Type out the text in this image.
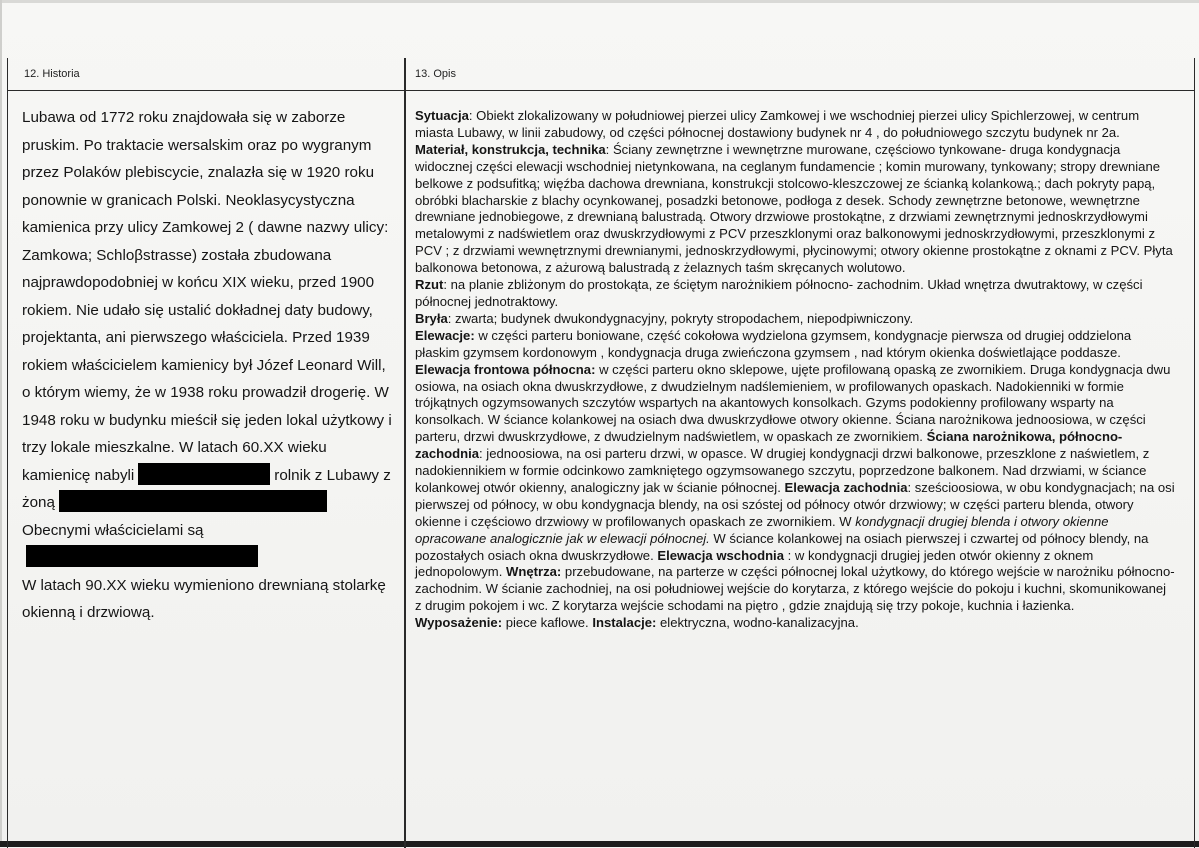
12. Historia	13. Opis

Lubawa od 1772 roku znajdowała się w zaborze pruskim. Po traktacie wersalskim oraz po wygranym przez Polaków plebiscycie, znalazła się w 1920 roku ponownie w granicach Polski. Neoklasycystyczna kamienica przy ulicy Zamkowej 2 ( dawne nazwy ulicy: Zamkowa; Schloβstrasse) została zbudowana najprawdopodobniej w końcu XIX wieku, przed 1900 rokiem. Nie udało się ustalić dokładnej daty budowy, projektanta, ani pierwszego właściciela. Przed 1939 rokiem właścicielem kamienicy był Józef Leonard Will, o którym wiemy, że w 1938 roku prowadził drogerię. W 1948 roku w budynku mieścił się jeden lokal użytkowy i trzy lokale mieszkalne. W latach 60.XX wieku kamienicę nabyli	rolnik z Lubawy z żoną Obecnymi właścicielami są

W latach 90.XX wieku wymieniono drewnianą stolarkę okienną i drzwiową.

Sytuacja: Obiekt zlokalizowany w południowej pierzei ulicy Zamkowej i we wschodniej pierzei ulicy Spichlerzowej, w centrum miasta Lubawy, w linii zabudowy, od części północnej dostawiony budynek nr 4 , do południowego szczytu budynek nr 2a.

Materiał, konstrukcja, technika: Ściany zewnętrzne i wewnętrzne murowane, częściowo tynkowane- druga kondygnacja widocznej części elewacji wschodniej nietynkowana, na ceglanym fundamencie ; komin murowany, tynkowany; stropy drewniane belkowe z podsufitką; więźba dachowa drewniana, konstrukcji stolcowo-kleszczowej ze ścianką kolankową.; dach pokryty papą, obróbki blacharskie z blachy ocynkowanej, posadzki betonowe, podłoga z desek. Schody zewnętrzne betonowe, wewnętrzne drewniane jednobiegowe, z drewnianą balustradą. Otwory drzwiowe prostokątne, z drzwiami zewnętrznymi jednoskrzydłowymi metalowymi z nadświetlem oraz dwuskrzydłowymi z PCV przeszklonymi oraz balkonowymi jednoskrzydłowymi, przeszklonymi z PCV ; z drzwiami wewnętrznymi drewnianymi, jednoskrzydłowymi, płycinowymi; otwory okienne prostokątne z oknami z PCV. Płyta balkonowa betonowa, z ażurową balustradą z żelaznych taśm skręcanych wolutowo.

Rzut: na planie zbliżonym do prostokąta, ze ściętym narożnikiem północno- zachodnim. Układ wnętrza dwutraktowy, w części północnej jednotraktowy.

Bryła: zwarta; budynek dwukondygnacyjny, pokryty stropodachem, niepodpiwniczony.

Elewacje: w części parteru boniowane, część cokołowa wydzielona gzymsem, kondygnacje pierwsza od drugiej oddzielona płaskim gzymsem kordonowym , kondygnacja druga zwieńczona gzymsem , nad którym okienka doświetlające poddasze.

Elewacja frontowa północna: w części parteru okno sklepowe, ujęte profilowaną opaską ze zwornikiem. Druga kondygnacja dwu osiowa, na osiach okna dwuskrzydłowe, z dwudzielnym nadślemieniem, w profilowanych opaskach. Nadokienniki w formie trójkątnych ogzymsowanych szczytów wspartych na akantowych konsolkach. Gzyms podokienny profilowany wsparty na konsolkach. W ściance kolankowej na osiach dwa dwuskrzydłowe otwory okienne. Ściana narożnikowa jednoosiowa, w części parteru, drzwi dwuskrzydłowe, z dwudzielnym nadświetlem, w opaskach ze zwornikiem. Ściana narożnikowa, północno- zachodnia: jednoosiowa, na osi parteru drzwi, w opasce. W drugiej kondygnacji drzwi balkonowe, przeszklone z naświetlem, z nadokiennikiem w formie odcinkowo zamkniętego ogzymsowanego szczytu, poprzedzone balkonem. Nad drzwiami, w ściance kolankowej otwór okienny, analogiczny jak w ścianie północnej. Elewacja zachodnia: sześcioosiowa, w obu kondygnacjach; na osi pierwszej od północy, w obu kondygnacja blendy, na osi szóstej od północy otwór drzwiowy; w części parteru blenda, otwory okienne i częściowo drzwiowy w profilowanych opaskach ze zwornikiem. W kondygnacji drugiej blenda i otwory okienne opracowane analogicznie jak w elewacji północnej. W ściance kolankowej na osiach pierwszej i czwartej od północy blendy, na pozostałych osiach okna dwuskrzydłowe. Elewacja wschodnia : w kondygnacji drugiej jeden otwór okienny z oknem jednopolowym. Wnętrza: przebudowane, na parterze w części północnej lokal użytkowy, do którego wejście w narożniku północno- zachodnim. W ścianie zachodniej, na osi południowej wejście do korytarza, z którego wejście do pokoju i kuchni, skomunikowanej z drugim pokojem i wc. Z korytarza wejście schodami na piętro , gdzie znajdują się trzy pokoje, kuchnia i łazienka.

Wyposażenie: piece kaflowe. Instalacje: elektryczna, wodno-kanalizacyjna.
